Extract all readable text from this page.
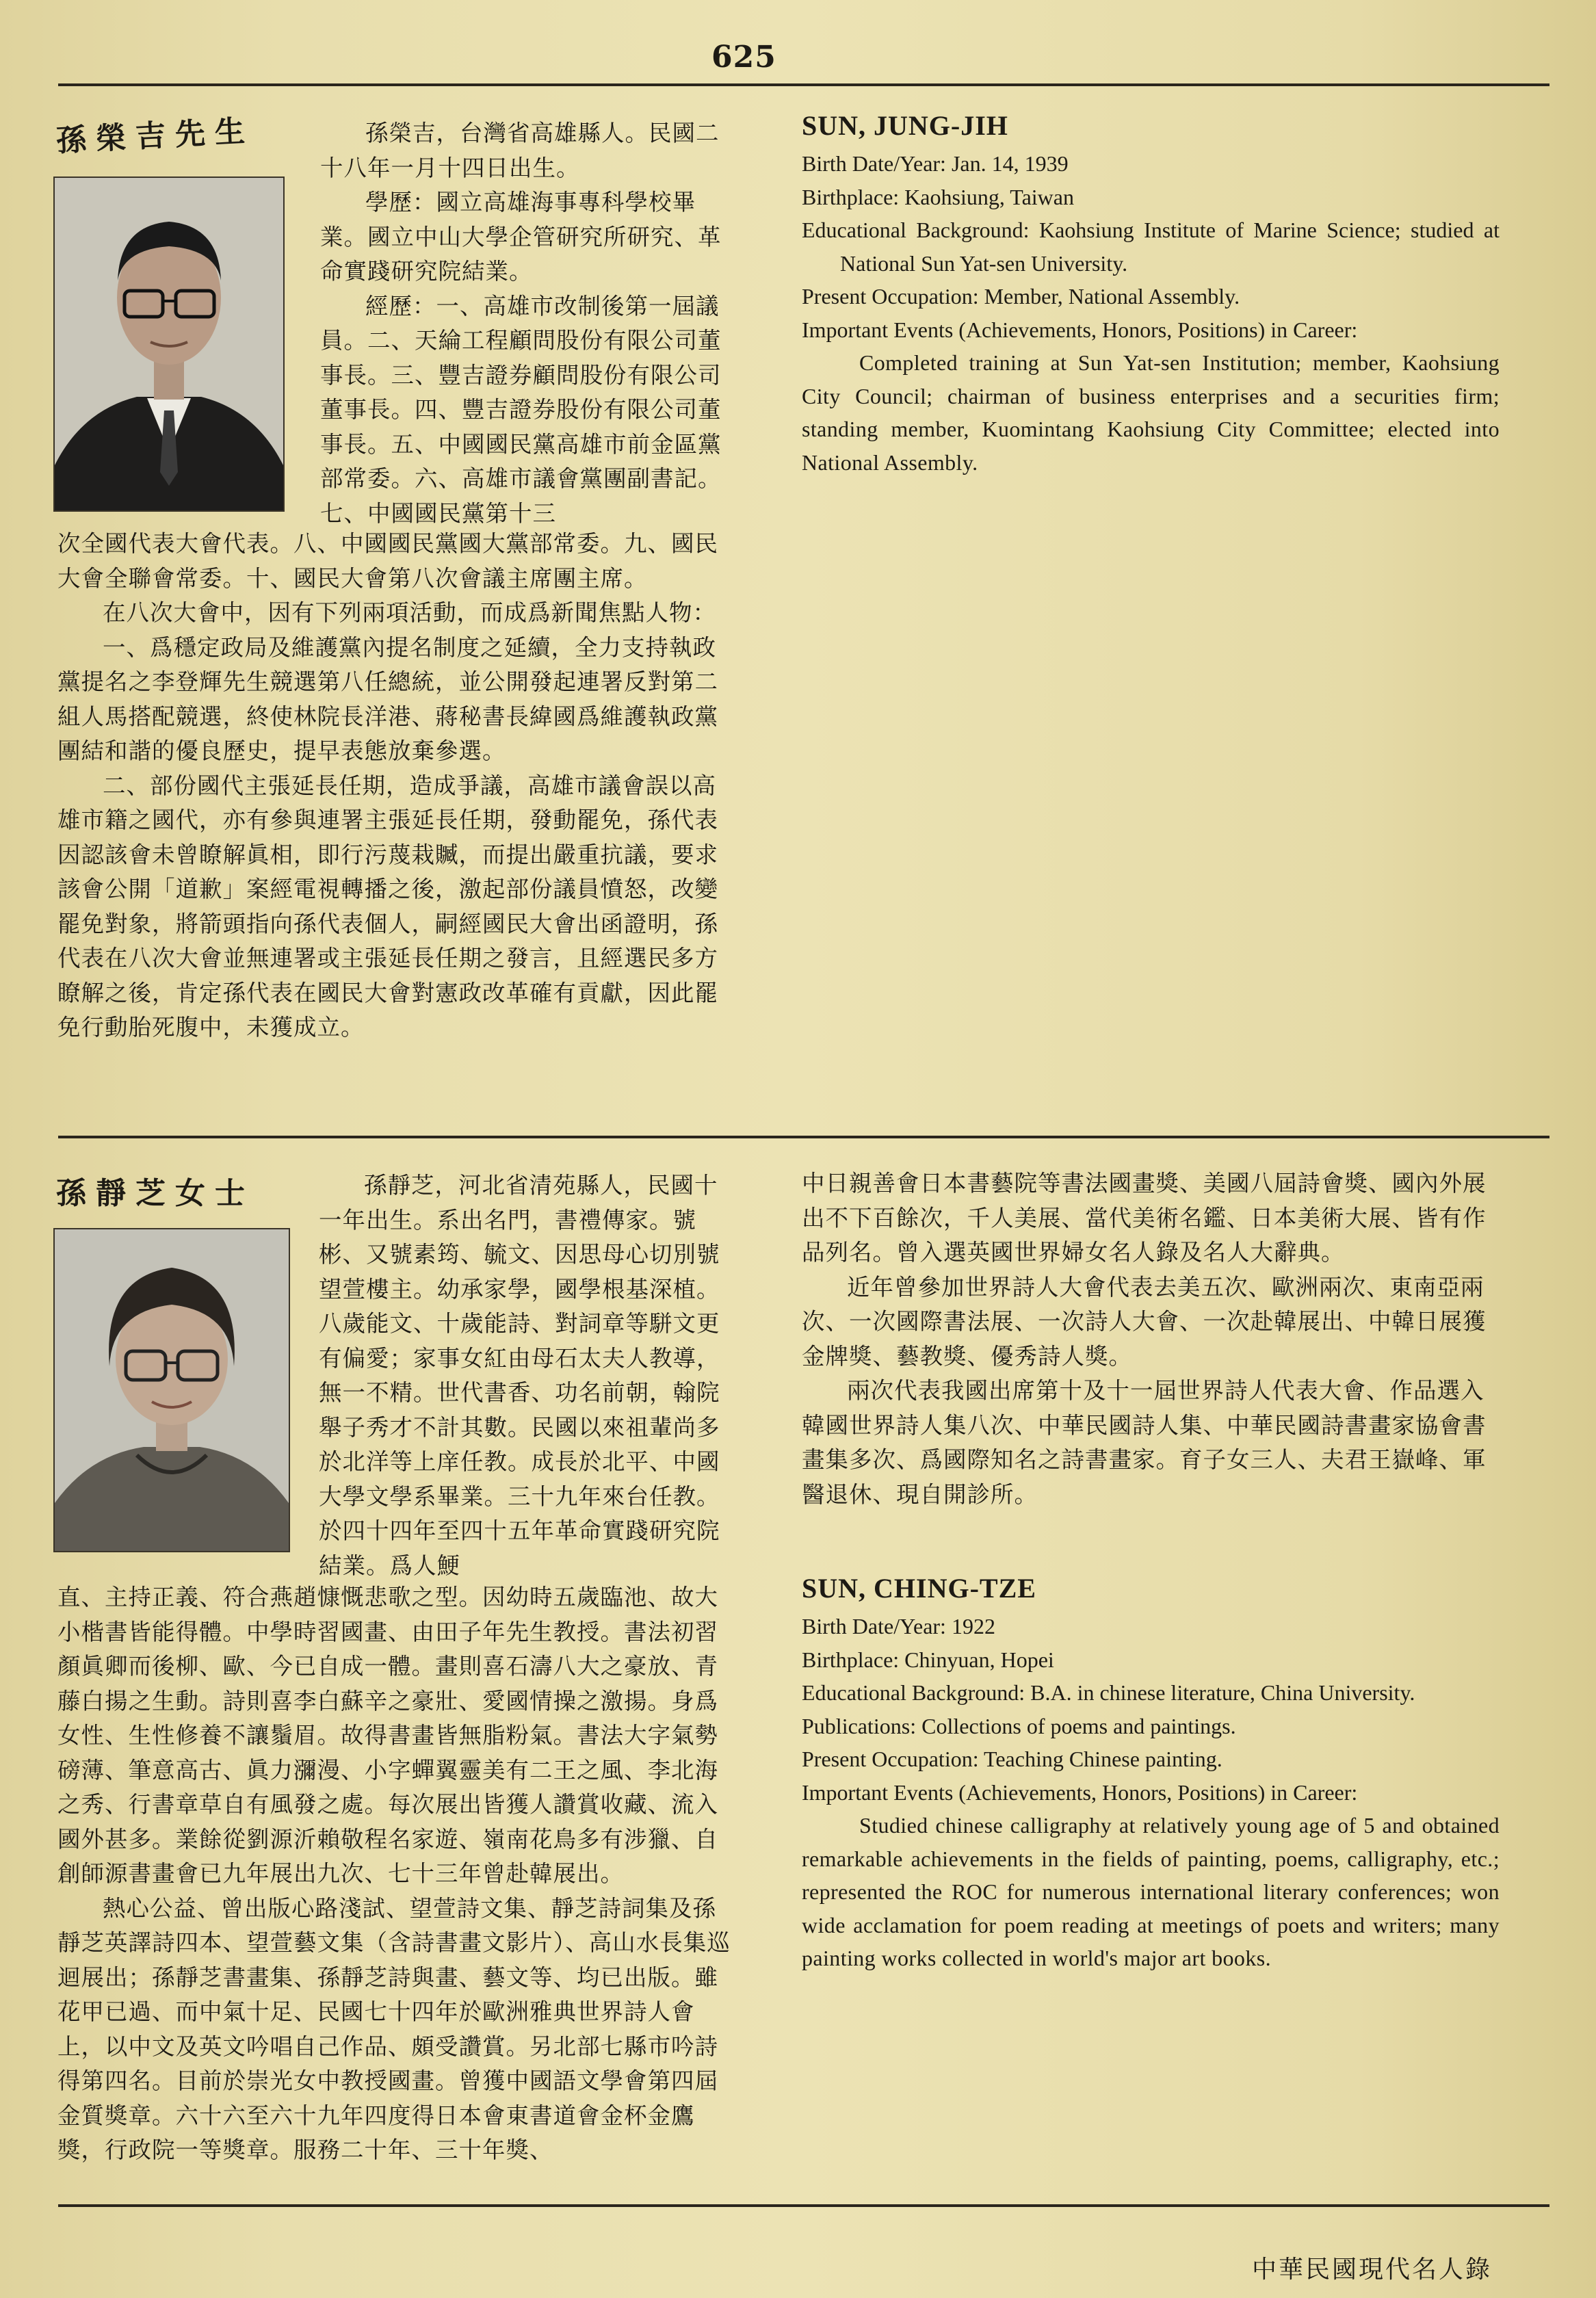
625
孫榮吉先生	孫榮吉，台灣省高雄縣人。民國二十八年一月十四日出生。

學歷：國立高雄海事專科學校畢業。國立中山大學企管研究所研究、革命實踐研究院結業。

經歷：一、高雄市改制後第一屆議員。二、天綸工程顧問股份有限公司董事長。三、豐吉證券顧問股份有限公司董事長。四、豐吉證券股份有限公司董事長。五、中國國民黨高雄市前金區黨部常委。六、高雄市議會黨團副書記。七、中國國民黨第十三

次全國代表大會代表。八、中國國民黨國大黨部常委。九、國民大會全聯會常委。十、國民大會第八次會議主席團主席。

在八次大會中，因有下列兩項活動，而成爲新聞焦點人物：

一、爲穩定政局及維護黨內提名制度之延續，全力支持執政黨提名之李登輝先生競選第八任總統，並公開發起連署反對第二組人馬搭配競選，終使林院長洋港、蔣秘書長緯國爲維護執政黨團結和諧的優良歷史，提早表態放棄參選。

二、部份國代主張延長任期，造成爭議，高雄市議會誤以高雄市籍之國代，亦有參與連署主張延長任期，發動罷免，孫代表因認該會未曾瞭解眞相，即行污蔑栽贓，而提出嚴重抗議，要求該會公開「道歉」案經電視轉播之後，激起部份議員憤怒，改變罷免對象，將箭頭指向孫代表個人，嗣經國民大會出函證明，孫代表在八次大會並無連署或主張延長任期之發言，且經選民多方瞭解之後，肯定孫代表在國民大會對憲政改革確有貢獻，因此罷免行動胎死腹中，未獲成立。

SUN, JUNG-JIH

Birth Date/Year: Jan. 14, 1939

Birthplace: Kaohsiung, Taiwan

Educational Background: Kaohsiung Institute of Marine Science; studied at National Sun Yat-sen University.

Present Occupation: Member, National Assembly.

Important Events (Achievements, Honors, Positions) in Career:

Completed training at Sun Yat-sen Institution; member, Kaohsiung City Council; chairman of business enterprises and a securities firm; standing member, Kuomintang Kaohsiung City Committee; elected into National Assembly.

孫靜芝女士	孫靜芝，河北省清苑縣人，民國十一年出生。系出名門，書禮傳家。號彬、又號素筠、毓文、因思母心切別號望萱樓主。幼承家學，國學根基深植。八歲能文、十歲能詩、對詞章等駢文更有偏愛；家事女紅由母石太夫人教導，無一不精。世代書香、功名前朝，翰院舉子秀才不計其數。民國以來祖輩尚多於北洋等上庠任教。成長於北平、中國大學文學系畢業。三十九年來台任教。於四十四年至四十五年革命實踐研究院結業。爲人鯁

直、主持正義、符合燕趙慷慨悲歌之型。因幼時五歲臨池、故大小楷書皆能得體。中學時習國畫、由田子年先生教授。書法初習顏眞卿而後柳、歐、今已自成一體。畫則喜石濤八大之豪放、青藤白揚之生動。詩則喜李白蘇辛之豪壯、愛國情操之激揚。身爲女性、生性修養不讓鬚眉。故得書畫皆無脂粉氣。書法大字氣勢磅薄、筆意高古、眞力瀰漫、小字蟬翼靈美有二王之風、李北海之秀、行書章草自有風發之處。每次展出皆獲人讚賞收藏、流入國外甚多。業餘從劉源沂賴敬程名家遊、嶺南花鳥多有涉獵、自創師源書畫會已九年展出九次、七十三年曾赴韓展出。

熱心公益、曾出版心路淺試、望萱詩文集、靜芝詩詞集及孫靜芝英譯詩四本、望萱藝文集（含詩書畫文影片）、高山水長集巡迴展出；孫靜芝書畫集、孫靜芝詩與畫、藝文等、均已出版。雖花甲已過、而中氣十足、民國七十四年於歐洲雅典世界詩人會上，以中文及英文吟唱自己作品、頗受讚賞。另北部七縣市吟詩得第四名。目前於崇光女中教授國畫。曾獲中國語文學會第四屆金質獎章。六十六至六十九年四度得日本會東書道會金杯金鷹獎，行政院一等獎章。服務二十年、三十年獎、

中日親善會日本書藝院等書法國畫獎、美國八屆詩會獎、國內外展出不下百餘次，千人美展、當代美術名鑑、日本美術大展、皆有作品列名。曾入選英國世界婦女名人錄及名人大辭典。

近年曾參加世界詩人大會代表去美五次、歐洲兩次、東南亞兩次、一次國際書法展、一次詩人大會、一次赴韓展出、中韓日展獲金牌獎、藝教獎、優秀詩人獎。

兩次代表我國出席第十及十一屆世界詩人代表大會、作品選入韓國世界詩人集八次、中華民國詩人集、中華民國詩書畫家協會書畫集多次、爲國際知名之詩書畫家。育子女三人、夫君王嶽峰、軍醫退休、現自開診所。

SUN, CHING-TZE

Birth Date/Year: 1922

Birthplace: Chinyuan, Hopei

Educational Background: B.A. in chinese literature, China University.

Publications: Collections of poems and paintings.

Present Occupation: Teaching Chinese painting.

Important Events (Achievements, Honors, Positions) in Career:

Studied chinese calligraphy at relatively young age of 5 and obtained remarkable achievements in the fields of painting, poems, calligraphy, etc.; represented the ROC for numerous international literary conferences; won wide acclamation for poem reading at meetings of poets and writers; many painting works collected in world's major art books.

中華民國現代名人錄
